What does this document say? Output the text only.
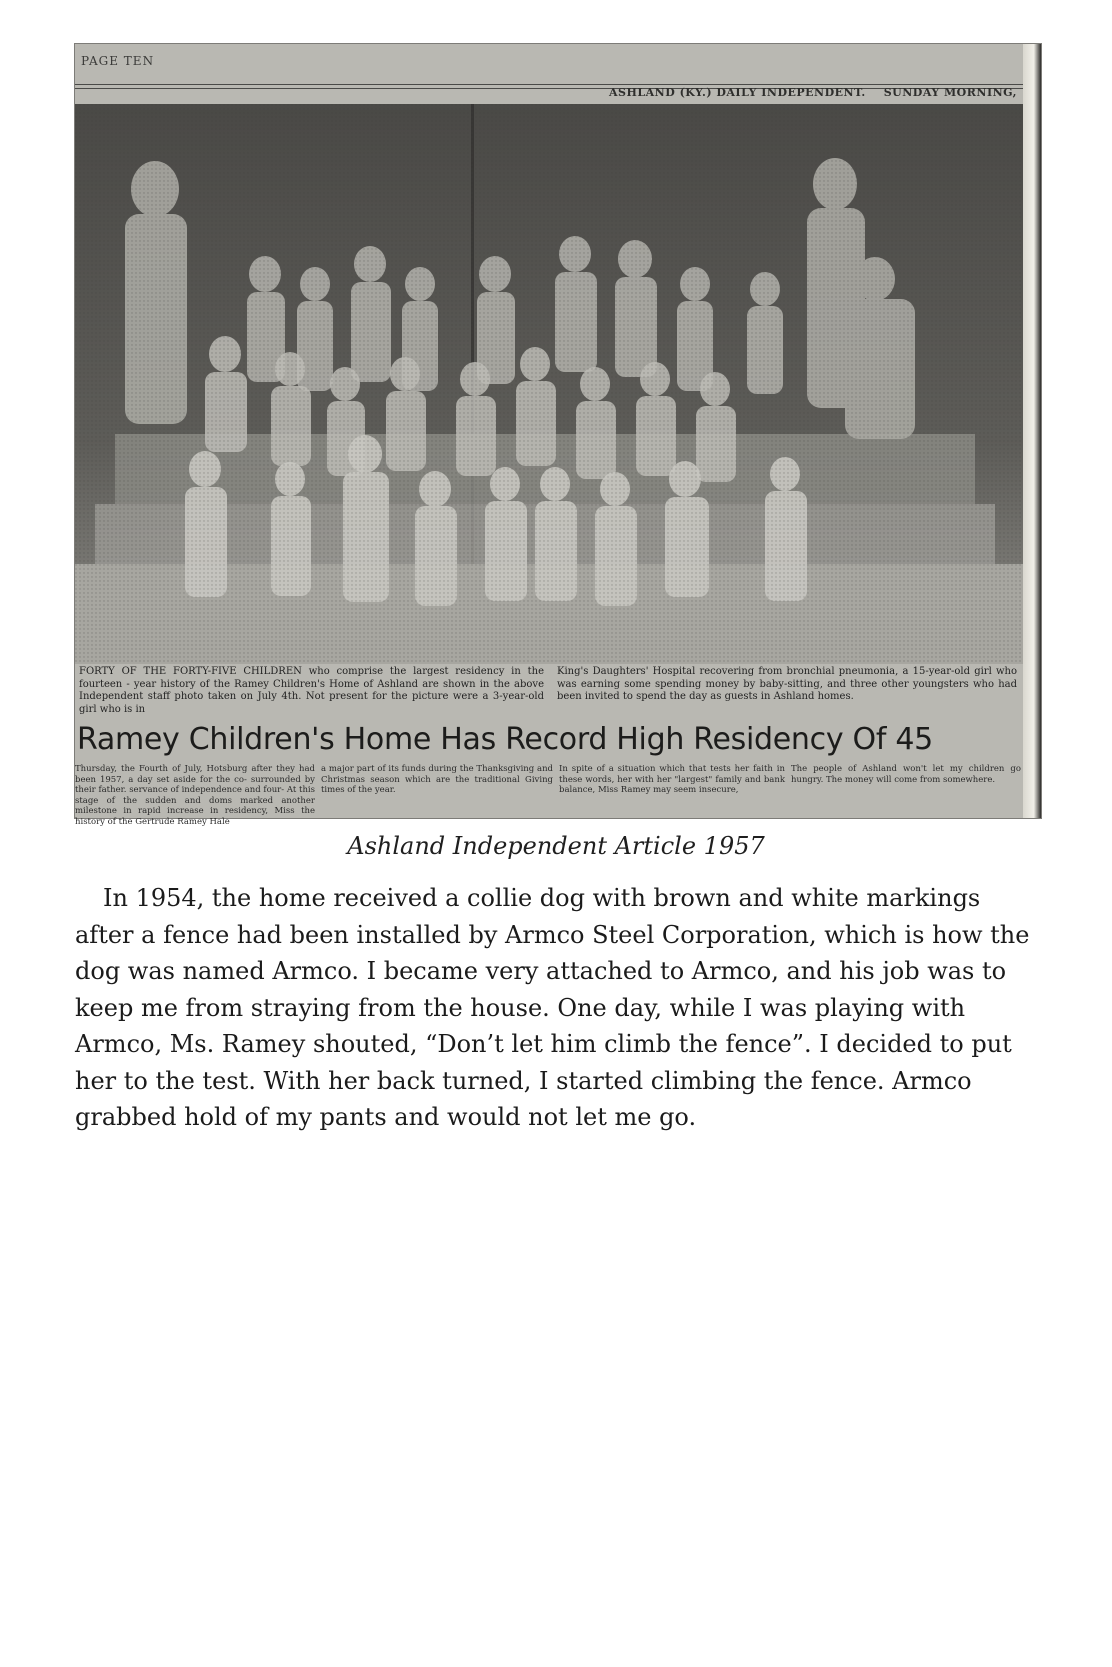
PAGE TEN
ASHLAND (KY.) DAILY INDEPENDENT. SUNDAY MORNING,
FORTY OF THE FORTY-FIVE CHILDREN who comprise the largest residency in the fourteen - year history of the Ramey Children's Home of Ashland are shown in the above Independent staff photo taken on July 4th. Not present for the picture were a 3-year-old girl who is in
King's Daughters' Hospital recovering from bronchial pneumonia, a 15-year-old girl who was earning some spending money by baby-sitting, and three other youngsters who had been invited to spend the day as guests in Ashland homes.
Ramey Children's Home Has Record High Residency Of 45
Thursday, the Fourth of July, Hotsburg after they had been 1957, a day set aside for the co- surrounded by their father. servance of independence and four- At this stage of the sudden and doms marked another milestone in rapid increase in residency, Miss the history of the Gertrude Ramey Hale
a major part of its funds during the Thanksgiving and Christmas season which are the traditional Giving times of the year.
In spite of a situation which that tests her faith in these words, her with her "largest" family and bank balance, Miss Ramey may seem insecure,
The people of Ashland won't let my children go hungry. The money will come from somewhere.
Ashland Independent Article 1957

In 1954, the home received a collie dog with brown and white markings after a fence had been installed by Armco Steel Corporation, which is how the dog was named Armco. I became very attached to Armco, and his job was to keep me from straying from the house. One day, while I was playing with Armco, Ms. Ramey shouted, “Don’t let him climb the fence”. I decided to put her to the test. With her back turned, I started climbing the fence. Armco grabbed hold of my pants and would not let me go.
